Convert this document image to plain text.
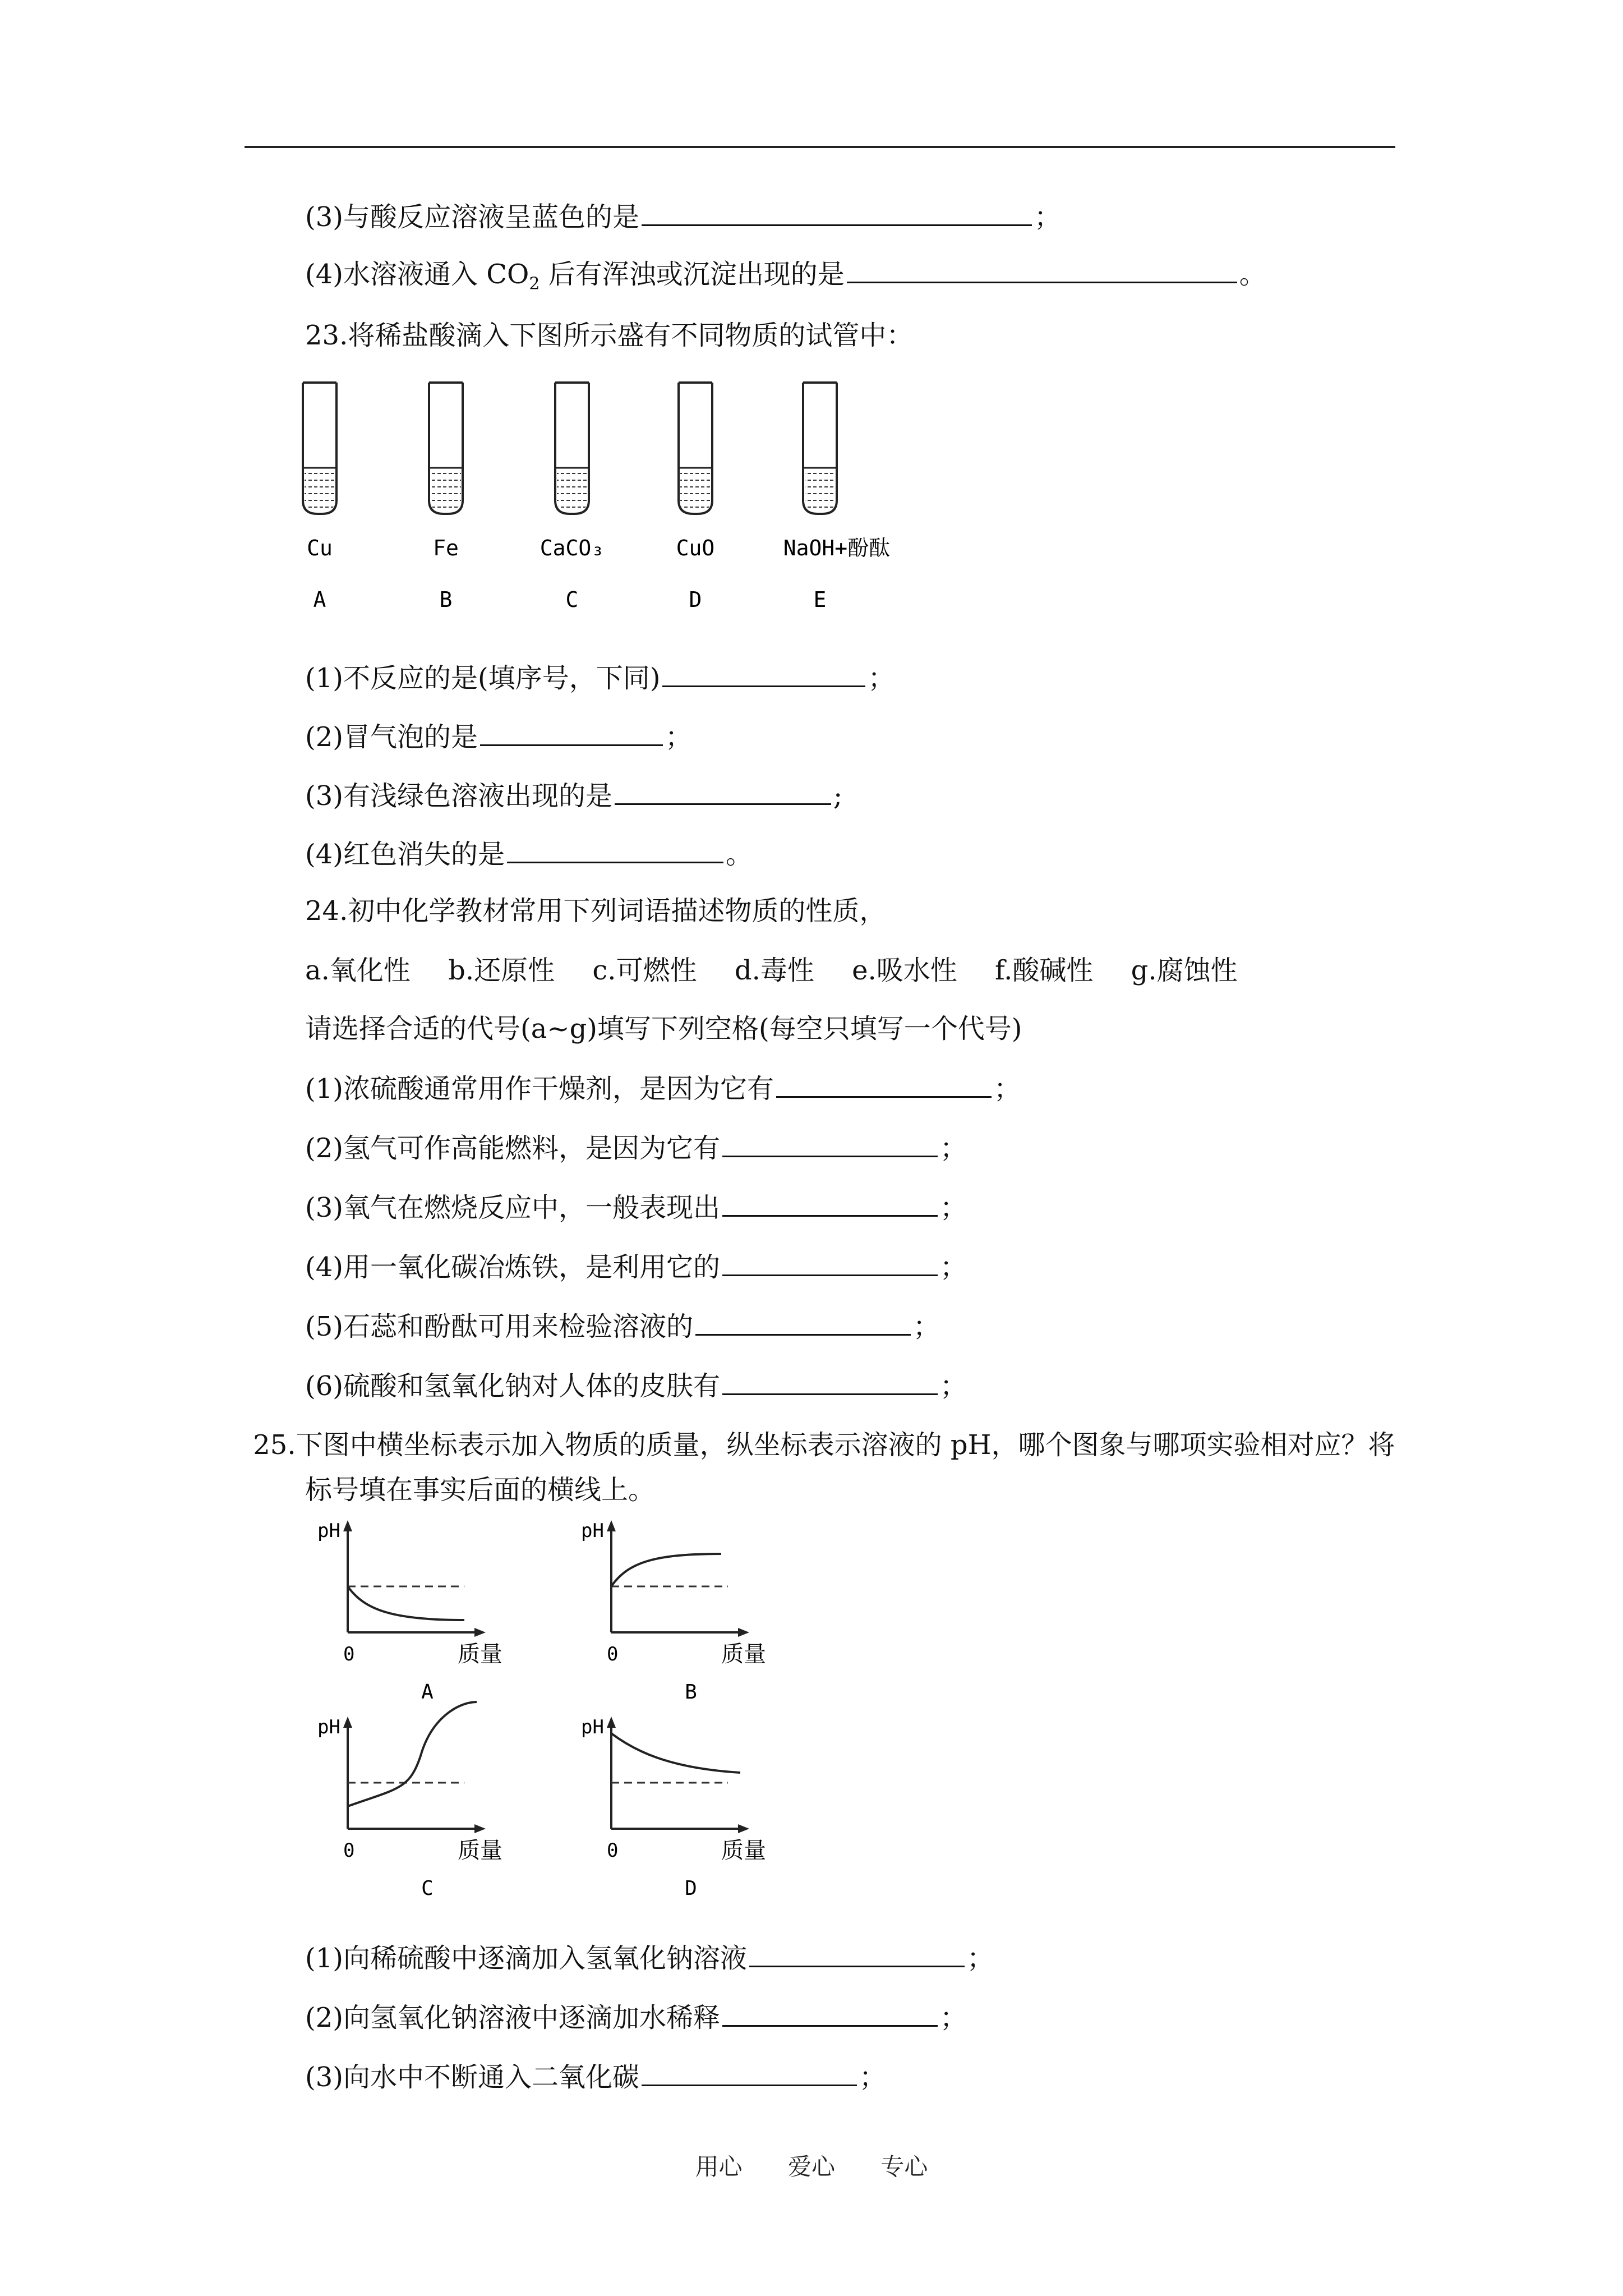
(3)与酸反应溶液呈蓝色的是	；
(4)水溶液通入 $CO_2$ 后有浑浊或沉淀出现的是	。
23.将稀盐酸滴入下图所示盛有不同物质的试管中：
Cu
A
Fe
B
CaCO₃
C
CuO
D
NaOH+酚酞
E
(1)不反应的是(填序号，下同)	；
(2)冒气泡的是	；
(3)有浅绿色溶液出现的是	;
(4)红色消失的是	。
24.初中化学教材常用下列词语描述物质的性质，
a.氧化性 b.还原性 c.可燃性 d.毒性 e.吸水性 f.酸碱性 g.腐蚀性
请选择合适的代号(a~g)填写下列空格(每空只填写一个代号)
(1)浓硫酸通常用作干燥剂，是因为它有	；
(2)氢气可作高能燃料，是因为它有	；
(3)氧气在燃烧反应中，一般表现出	；
(4)用一氧化碳冶炼铁，是利用它的	；
(5)石蕊和酚酞可用来检验溶液的	；
(6)硫酸和氢氧化钠对人体的皮肤有	；
25.下图中横坐标表示加入物质的质量，纵坐标表示溶液的 pH，哪个图象与哪项实验相对应？将标号填在事实后面的横线上。
pH
0	质量
A
pH
0	质量
B
pH
0	质量
C
pH
0	质量
D
(1)向稀硫酸中逐滴加入氢氧化钠溶液	；
(2)向氢氧化钠溶液中逐滴加水稀释	；
(3)向水中不断通入二氧化碳	；
用心 爱心 专心
